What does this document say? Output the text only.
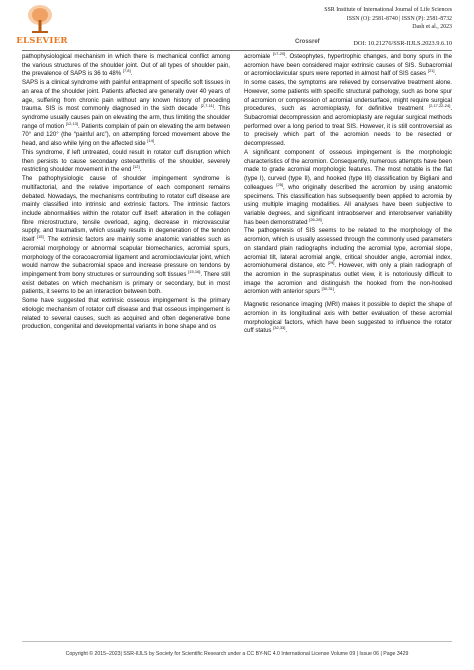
ELSEVIER
SSR Institute of International Journal of Life Sciences
ISSN (O): 2581-8740 | ISSN (P): 2581-8732
Dash et al., 2023
Crossref	DOI: 10.21276/SSR-IIJLS.2023.9.6.10

pathophysiological mechanism in which there is mechanical conflict among the various structures of the shoulder joint. Out of all types of shoulder pain, the prevalence of SAPS is 36 to 48% [7,8].

SAPS is a clinical syndrome with painful entrapment of specific soft tissues in an area of the shoulder joint. Patients affected are generally over 40 years of age, suffering from chronic pain without any known history of preceding trauma. SIS is most commonly diagnosed in the sixth decade [2,7-11]. This syndrome usually causes pain on elevating the arm, thus limiting the shoulder range of motion [12,13]. Patients complain of pain on elevating the arm between 70° and 120° (the “painful arc”), on attempting forced movement above the head, and also while lying on the affected side [14].

This syndrome, if left untreated, could result in rotator cuff disruption which then persists to cause secondary osteoarthritis of the shoulder, severely restricting shoulder movement in the end [12].

The pathophysiologic cause of shoulder impingement syndrome is multifactorial, and the relative importance of each component remains debated. Nowadays, the mechanisms contributing to rotator cuff disease are mainly classified into intrinsic and extrinsic factors. The intrinsic factors include abnormalities within the rotator cuff itself: alteration in the collagen fibre microstructure, tensile overload, aging, decrease in microvascular supply, and traumatism, which usually results in degeneration of the tendon itself [15]. The extrinsic factors are mainly some anatomic variables such as acromial morphology or abnormal scapular biomechanics, acromial spurs, morphology of the coracoacromial ligament and acromioclavicular joint, which would narrow the subacromial space and increase pressure on tendons by impingement from bony structures or surrounding soft tissues [15,16]. There still exist debates on which mechanism is primary or secondary, but in most patients, it seems to be an interaction between both.

Some have suggested that extrinsic osseous impingement is the primary etiologic mechanism of rotator cuff disease and that osseous impingement is related to several causes, such as acquired and often degenerative bone production, congenital and developmental variants in bone shape and os

acromiale [17-20]. Osteophytes, hypertrophic changes, and bony spurs in the acromion have been considered major extrinsic causes of SIS. Subacromial or acromioclavicular spurs were reported in almost half of SIS cases [21].

In some cases, the symptoms are relieved by conservative treatment alone. However, some patients with specific structural pathology, such as bone spur of acromion or compression of acromial undersurface, might require surgical procedures, such as acromioplasty, for definitive treatment [2,17,22-24]. Subacromial decompression and acromioplasty are regular surgical methods performed over a long period to treat SIS. However, it is still controversial as to precisely which part of the acromion needs to be resected or decompressed.

A significant component of osseous impingement is the morphologic characteristics of the acromion. Consequently, numerous attempts have been made to grade acromial morphologic features. The most notable is the flat (type I), curved (type II), and hooked (type III) classification by Bigliani and colleagues [25], who originally described the acromion by using anatomic specimens. This classification has subsequently been applied to acromia by using multiple imaging modalities. All analyses have been subjective to variable degrees, and significant intraobserver and interobserver variability has been demonstrated [26-28].

The pathogenesis of SIS seems to be related to the morphology of the acromion, which is usually assessed through the commonly used parameters on standard plain radiographs including the acromial type, acromial slope, acromial tilt, lateral acromial angle, critical shoulder angle, acromial index, acromiohumeral distance, etc [29]. However, with only a plain radiograph of the acromion in the supraspinatus outlet view, it is notoriously difficult to image the acromion and distinguish the hooked from the non-hooked acromion with anterior spurs [30,31].

Magnetic resonance imaging (MRI) makes it possible to depict the shape of acromion in its longitudinal axis with better evaluation of these acromial morphological factors, which have been suggested to influence the rotator cuff status [32,33].

Copyright © 2015–2023| SSR-IIJLS by Society for Scientific Research under a CC BY-NC 4.0 International License Volume 09 | Issue 06 | Page 3429
